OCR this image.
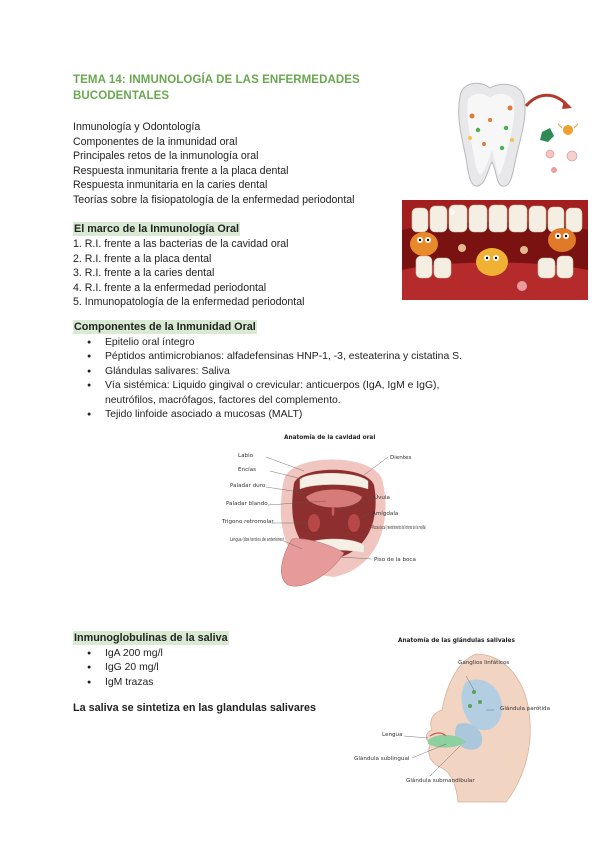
TEMA 14: INMUNOLOGÍA DE LAS ENFERMEDADES BUCODENTALES
Inmunología y Odontología
Componentes de la inmunidad oral
Principales retos de la inmunología oral
Respuesta inmunitaria frente a la placa dental
Respuesta inmunitaria en la caries dental
Teorías sobre la fisiopatología de la enfermedad periodontal
El marco de la Inmunología Oral
1. R.I. frente a las bacterias de la cavidad oral
2. R.I. frente a la placa dental
3. R.I. frente a la caries dental
4. R.I. frente a la enfermedad periodontal
5. Inmunopatología de la enfermedad periodontal
Componentes de la Inmunidad Oral
● Epitelio oral íntegro
● Péptidos antimicrobianos: alfadefensinas HNP-1, -3, esteaterina y cistatina S.
● Glándulas salivares: Saliva
● Vía sistémica: Liquido gingival o crevicular: anticuerpos (IgA, IgM e IgG),
neutrófilos, macrófagos, factores del complemento.
● Tejido linfoide asociado a mucosas (MALT)
Inmunoglobulinas de la saliva
● IgA 200 mg/l
● IgG 20 mg/l
● IgM trazas
La saliva se sintetiza en las glandulas salivares
Anatomía de la cavidad oral
Labio
Encías
Paladar duro
Paladar blando
Trígono retromolar
Lengua (dos tercios de anteriores)
Dientes
Úvula
Amígdala
Mucosa bucal (revestimiento del interior de la mejilla)
Piso de la boca
Anatomía de las glándulas salivales
Ganglios linfáticos
Glándula parótida
Lengua
Glándula sublingual
Glándula submandibular
